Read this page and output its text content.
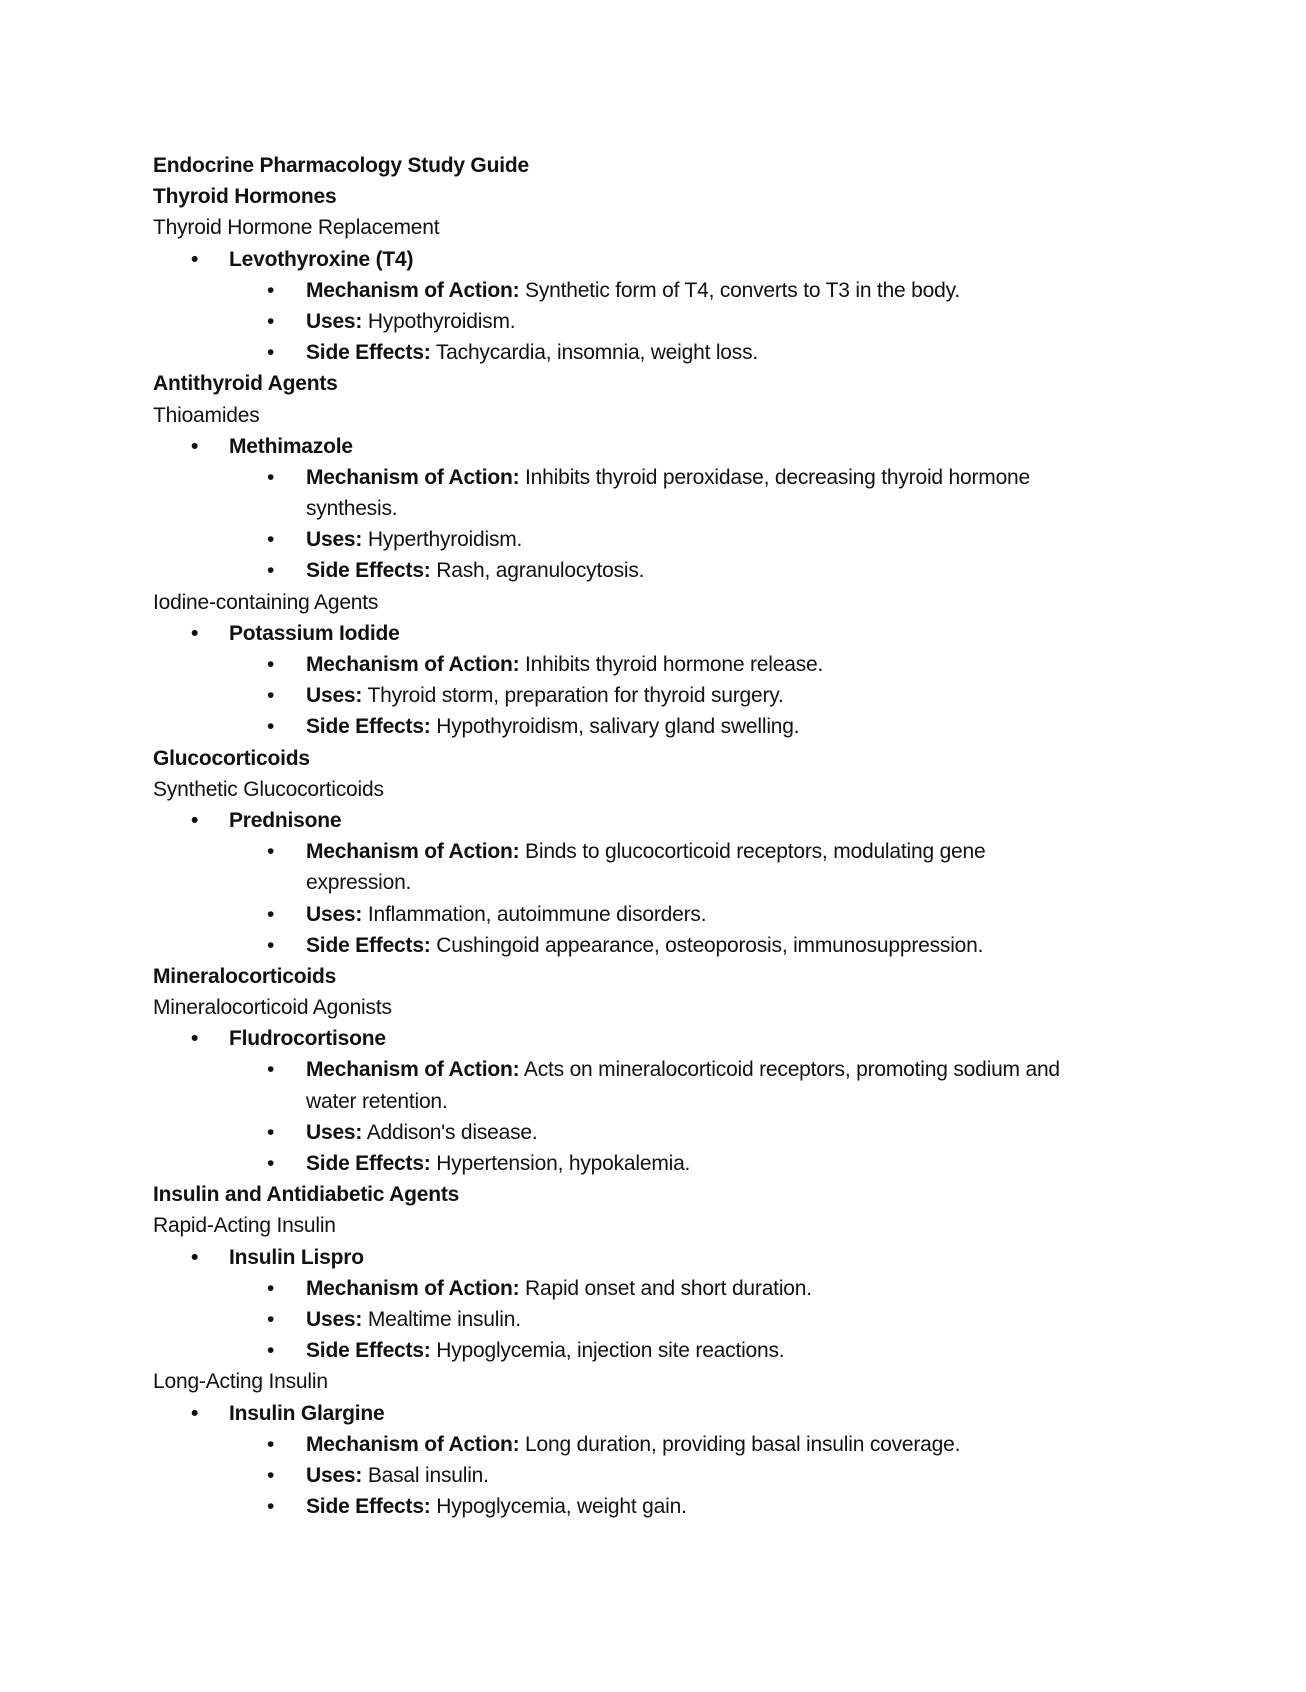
Endocrine Pharmacology Study Guide
Thyroid Hormones
Thyroid Hormone Replacement
• Levothyroxine (T4)
• Mechanism of Action: Synthetic form of T4, converts to T3 in the body.
• Uses: Hypothyroidism.
• Side Effects: Tachycardia, insomnia, weight loss.
Antithyroid Agents
Thioamides
• Methimazole
• Mechanism of Action: Inhibits thyroid peroxidase, decreasing thyroid hormone synthesis.
• Uses: Hyperthyroidism.
• Side Effects: Rash, agranulocytosis.
Iodine-containing Agents
• Potassium Iodide
• Mechanism of Action: Inhibits thyroid hormone release.
• Uses: Thyroid storm, preparation for thyroid surgery.
• Side Effects: Hypothyroidism, salivary gland swelling.
Glucocorticoids
Synthetic Glucocorticoids
• Prednisone
• Mechanism of Action: Binds to glucocorticoid receptors, modulating gene expression.
• Uses: Inflammation, autoimmune disorders.
• Side Effects: Cushingoid appearance, osteoporosis, immunosuppression.
Mineralocorticoids
Mineralocorticoid Agonists
• Fludrocortisone
• Mechanism of Action: Acts on mineralocorticoid receptors, promoting sodium and water retention.
• Uses: Addison's disease.
• Side Effects: Hypertension, hypokalemia.
Insulin and Antidiabetic Agents
Rapid-Acting Insulin
• Insulin Lispro
• Mechanism of Action: Rapid onset and short duration.
• Uses: Mealtime insulin.
• Side Effects: Hypoglycemia, injection site reactions.
Long-Acting Insulin
• Insulin Glargine
• Mechanism of Action: Long duration, providing basal insulin coverage.
• Uses: Basal insulin.
• Side Effects: Hypoglycemia, weight gain.
